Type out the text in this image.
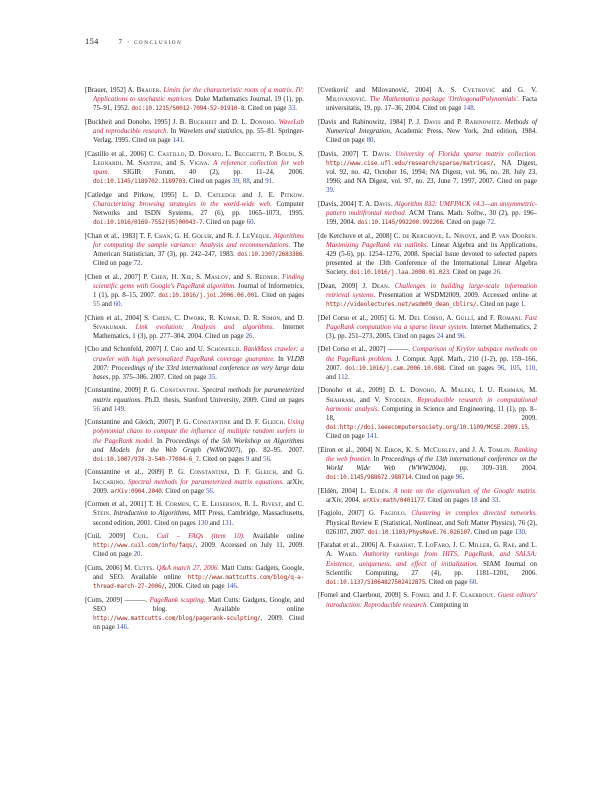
154	7 · conclusion
[Brauer, 1952] A. Brauer. Limits for the characteristic roots of a matrix. IV: Applications to stochastic matrices. Duke Mathematics Journal, 19 (1), pp. 75–91, 1952. doi:10.1215/S0012-7094-52-01910-8. Cited on page 33.
[Buckheit and Donoho, 1995] J. B. Buckheit and D. L. Donoho. WaveLab and reproducible research. In Wavelets and statistics, pp. 55–81. Springer-Verlag, 1995. Cited on page 141.
[Castillo et al., 2006] C. Castillo, D. Donato, L. Becchetti, P. Boldi, S. Leonardi, M. Santini, and S. Vigna. A reference collection for web spam. SIGIR Forum, 40 (2), pp. 11–24, 2006. doi:10.1145/1189702.1189703. Cited on pages 39, 88, and 91.
[Catledge and Pitkow, 1995] L. D. Catledge and J. E. Pitkow. Characterizing browsing strategies in the world-wide web. Computer Networks and ISDN Systems, 27 (6), pp. 1065–1073, 1995. doi:10.1016/0169-7552(95)00043-7. Cited on page 60.
[Chan et al., 1983] T. F. Chan, G. H. Golub, and R. J. LeVeque. Algorithms for computing the sample variance: Analysis and recommendations. The American Statistician, 37 (3), pp. 242–247, 1983. doi:10.2307/2683386. Cited on page 72.
[Chen et al., 2007] P. Chen, H. Xie, S. Maslov, and S. Redner. Finding scientific gems with Google's PageRank algorithm. Journal of Informetrics, 1 (1), pp. 8–15, 2007. doi:10.1016/j.joi.2006.06.001. Cited on pages 55 and 60.
[Chien et al., 2004] S. Chien, C. Dwork, R. Kumar, D. R. Simon, and D. Sivakumar. Link evolution: Analysis and algorithms. Internet Mathematics, 1 (3), pp. 277–304, 2004. Cited on page 26.
[Cho and Schonfeld, 2007] J. Cho and U. Schonfeld. RankMass crawler: a crawler with high personalized PageRank coverage guarantee. In VLDB 2007: Proceedings of the 33rd international conference on very large data bases, pp. 375–386. 2007. Cited on page 35.
[Constantine, 2009] P. G. Constantine. Spectral methods for parameterized matrix equations. Ph.D. thesis, Stanford University, 2009. Cited on pages 56 and 149.
[Constantine and Gleich, 2007] P. G. Constantine and D. F. Gleich. Using polynomial chaos to compute the influence of multiple random surfers in the PageRank model. In Proceedings of the 5th Workshop on Algorithms and Models for the Web Graph (WAW2007), pp. 82–95. 2007. doi:10.1007/978-3-540-77004-6_7. Cited on pages 9 and 56.
[Constantine et al., 2009] P. G. Constantine, D. F. Gleich, and G. Iaccarino. Spectral methods for parameterized matrix equations. arXiv, 2009. arXiv:0904.2040. Cited on page 56.
[Cormen et al., 2001] T. H. Cormen, C. E. Leiserson, R. L. Rivest, and C. Stein. Introduction to Algorithms, MIT Press, Cambridge, Massachusetts, second edition, 2001. Cited on pages 130 and 131.
[Cuil, 2009] Cuil. Cuil – FAQs (item 10). Available online http://www.cuil.com/info/faqs/, 2009. Accessed on July 11, 2009. Cited on page 20.
[Cutts, 2006] M. Cutts. Q&A march 27, 2006. Matt Cutts: Gadgets, Google, and SEO. Available online http://www.mattcutts.com/blog/q-a-thread-march-27-2006/, 2006. Cited on page 146.
[Cutts, 2009] ———. PageRank scupting. Matt Cutts: Gadgets, Google, and SEO blog. Available online http://www.mattcutts.com/blog/pagerank-sculpting/, 2009. Cited on page 146.
[Cvetković and Milovanović, 2004] A. S. Cvetković and G. V. Milovanović. The Mathematica package 'OrthogonalPolynomials'. Facta universitatis, 19, pp. 17–36, 2004. Cited on page 148.
[Davis and Rabinowitz, 1984] P. J. Davis and P. Rabinowitz. Methods of Numerical Integration, Academic Press, New York, 2nd edition, 1984. Cited on page 80.
[Davis, 2007] T. Davis. University of Florida sparse matrix collection. http://www.cise.ufl.edu/research/sparse/matrices/, NA Digest, vol. 92, no. 42, October 16, 1994; NA Digest, vol. 96, no. 28, July 23, 1996; and NA Digest, vol. 97, no. 23, June 7, 1997, 2007. Cited on page 39.
[Davis, 2004] T. A. Davis. Algorithm 832: UMFPACK v4.3—an unsymmetric-pattern multifrontal method. ACM Trans. Math. Softw., 30 (2), pp. 196–199, 2004. doi:10.1145/992200.992206. Cited on page 72.
[de Kerchove et al., 2008] C. de Kerchove, L. Ninove, and P. van Dooren. Maximizing PageRank via outlinks. Linear Algebra and its Applications, 429 (5-6), pp. 1254–1276, 2008. Special Issue devoted to selected papers presented at the 13th Conference of the International Linear Algebra Society. doi:10.1016/j.laa.2008.01.023. Cited on page 26.
[Dean, 2009] J. Dean. Challenges in building large-scale information retrieval systems. Presentation at WSDM2009, 2009. Accessed online at http://videolectures.net/wsdm09_dean_cblirs/. Cited on page 1.
[Del Corso et al., 2005] G. M. Del Corso, A. Gullí, and F. Romani. Fast PageRank computation via a sparse linear system. Internet Mathematics, 2 (3), pp. 251–273, 2005. Cited on pages 24 and 96.
[Del Corso et al., 2007] ———. Comparison of Krylov subspace methods on the PageRank problem. J. Comput. Appl. Math., 210 (1-2), pp. 159–166, 2007. doi:10.1016/j.cam.2006.10.088. Cited on pages 96, 105, 110, and 112.
[Donoho et al., 2009] D. L. Donoho, A. Maleki, I. U. Rahman, M. Shahram, and V. Stodden. Reproducible research in computational harmonic analysis. Computing in Science and Engineering, 11 (1), pp. 8–18, 2009. doi:http://doi.ieeecomputersociety.org/10.1109/MCSE.2009.15. Cited on page 141.
[Eiron et al., 2004] N. Eiron, K. S. McCurley, and J. A. Tomlin. Ranking the web frontier. In Proceedings of the 13th international conference on the World Wide Web (WWW2004), pp. 309–318. 2004. doi:10.1145/988672.988714. Cited on page 96.
[Eldén, 2004] L. Eldén. A note on the eigenvalues of the Google matrix. arXiv, 2004. arXiv:math/0401177. Cited on pages 18 and 33.
[Fagiolo, 2007] G. Fagiolo. Clustering in complex directed networks. Physical Review E (Statistical, Nonlinear, and Soft Matter Physics), 76 (2), 026107, 2007. doi:10.1103/PhysRevE.76.026107. Cited on page 130.
[Farahat et al., 2006] A. Farahat, T. LoFaro, J. C. Miller, G. Rae, and L. A. Ward. Authority rankings from HITS, PageRank, and SALSA: Existence, uniqueness, and effect of initialization. SIAM Journal on Scientific Computing, 27 (4), pp. 1181–1201, 2006. doi:10.1137/S1064827502412875. Cited on page 60.
[Fomel and Claerbout, 2009] S. Fomel and J. F. Claerbout. Guest editors' introduction: Reproducible research. Computing in
